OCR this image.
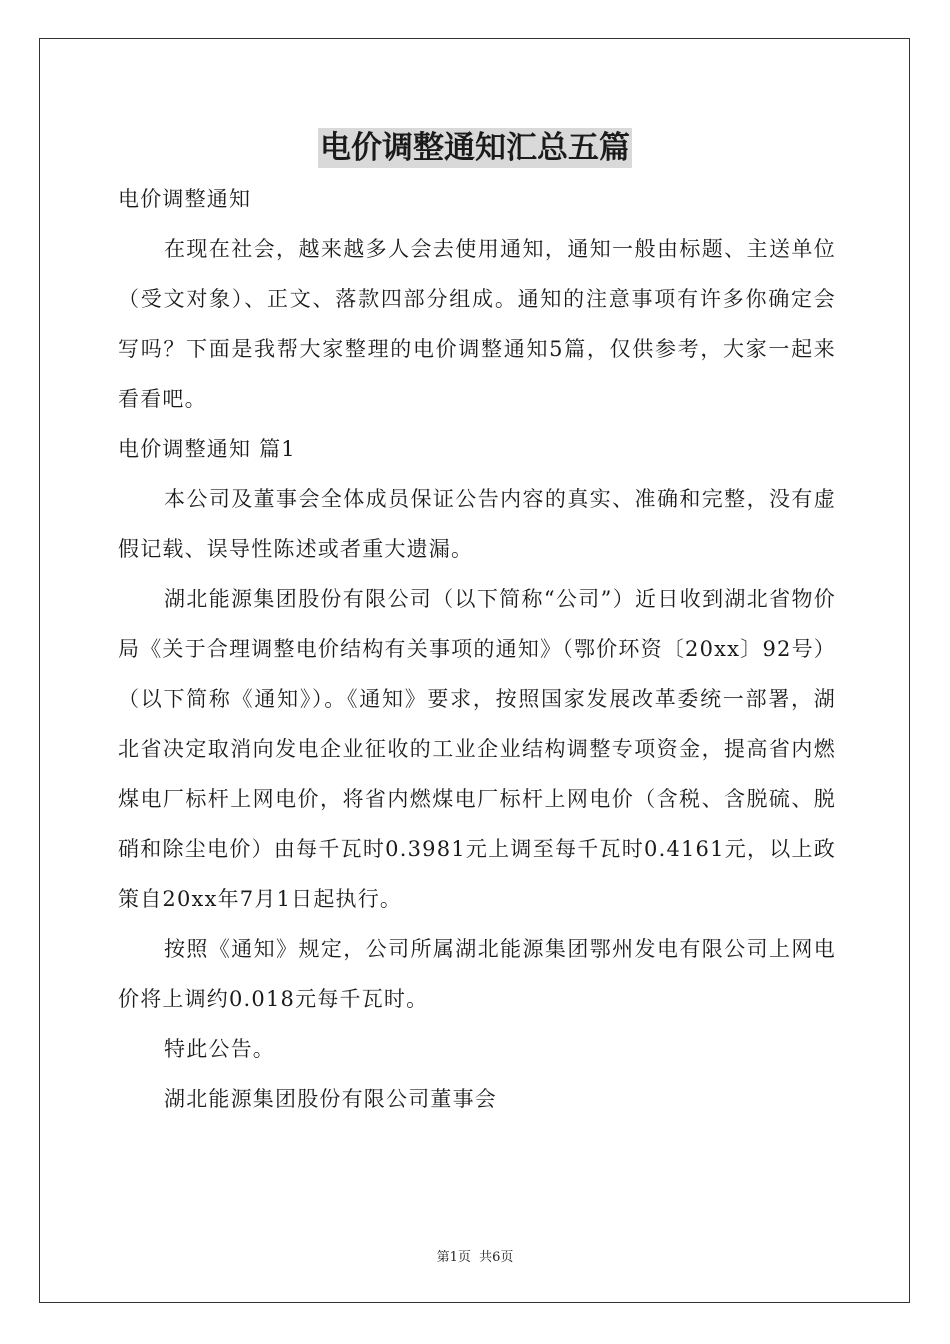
电价调整通知汇总五篇

电价调整通知

在现在社会，越来越多人会去使用通知，通知一般由标题、主送单位（受文对象）、正文、落款四部分组成。通知的注意事项有许多你确定会写吗？下面是我帮大家整理的电价调整通知5篇，仅供参考，大家一起来看看吧。

电价调整通知 篇1

本公司及董事会全体成员保证公告内容的真实、准确和完整，没有虚假记载、误导性陈述或者重大遗漏。

湖北能源集团股份有限公司（以下简称“公司”）近日收到湖北省物价局《关于合理调整电价结构有关事项的通知》（鄂价环资〔20xx〕92号）（以下简称《通知》）。《通知》要求，按照国家发展改革委统一部署，湖北省决定取消向发电企业征收的工业企业结构调整专项资金，提高省内燃煤电厂标杆上网电价，将省内燃煤电厂标杆上网电价（含税、含脱硫、脱硝和除尘电价）由每千瓦时0.3981元上调至每千瓦时0.4161元，以上政策自20xx年7月1日起执行。

按照《通知》规定，公司所属湖北能源集团鄂州发电有限公司上网电价将上调约0.018元每千瓦时。

特此公告。

湖北能源集团股份有限公司董事会

第1页 共6页
